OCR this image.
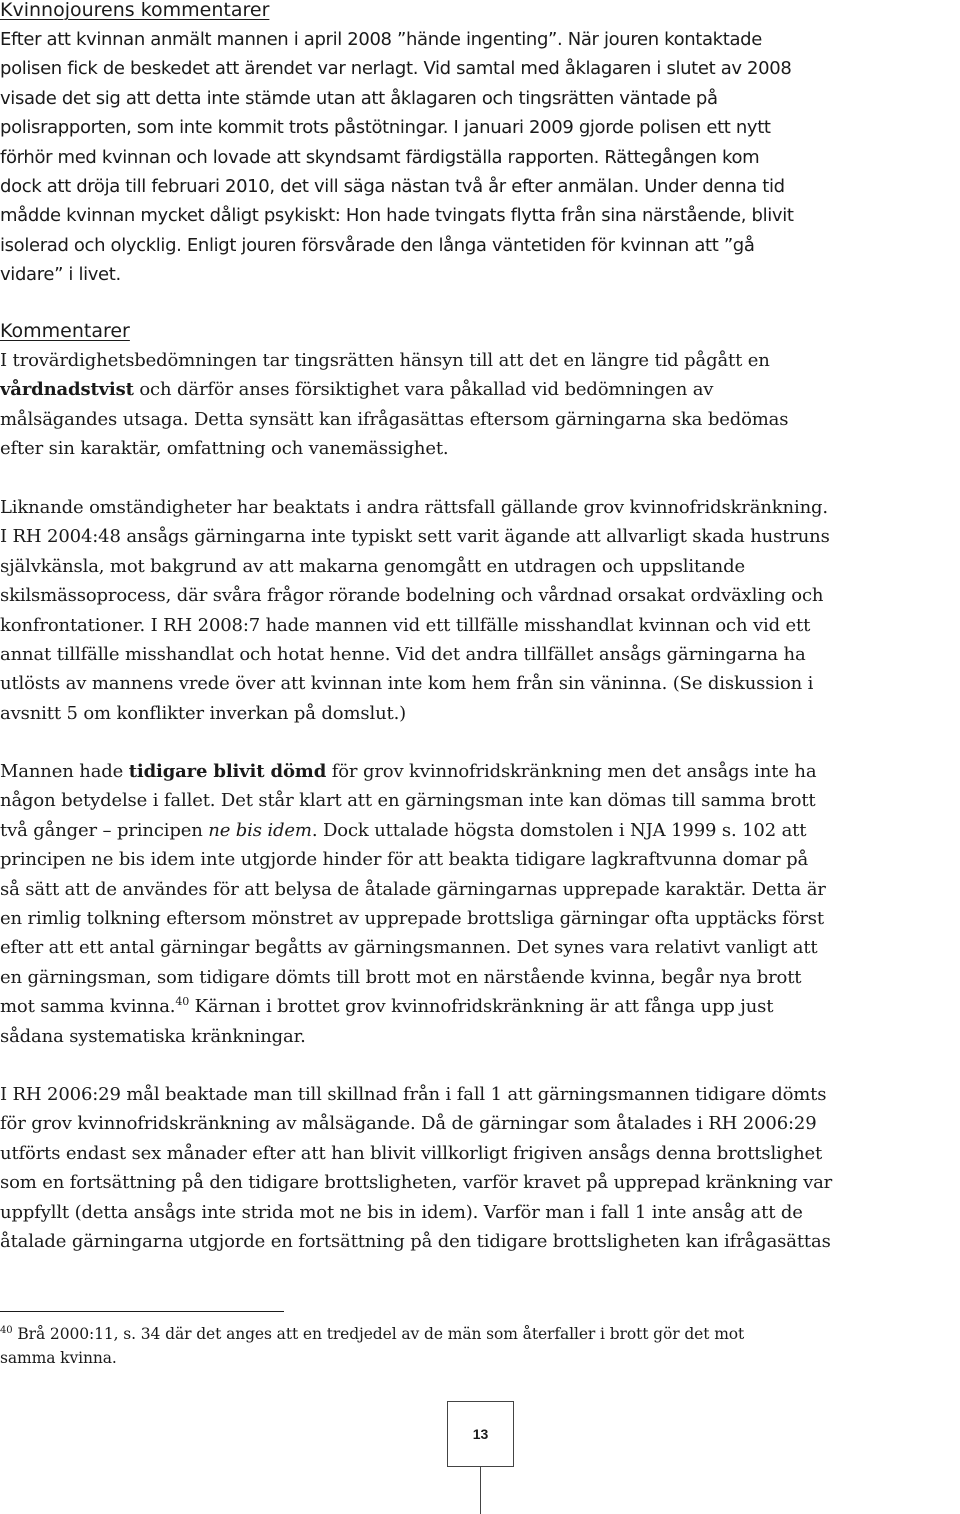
Kvinnojourens kommentarer

Efter att kvinnan anmält mannen i april 2008 ”hände ingenting”. När jouren kontaktade
polisen fick de beskedet att ärendet var nerlagt. Vid samtal med åklagaren i slutet av 2008
visade det sig att detta inte stämde utan att åklagaren och tingsrätten väntade på
polisrapporten, som inte kommit trots påstötningar. I januari 2009 gjorde polisen ett nytt
förhör med kvinnan och lovade att skyndsamt färdigställa rapporten. Rättegången kom
dock att dröja till februari 2010, det vill säga nästan två år efter anmälan. Under denna tid
mådde kvinnan mycket dåligt psykiskt: Hon hade tvingats flytta från sina närstående, blivit
isolerad och olycklig. Enligt jouren försvårade den långa väntetiden för kvinnan att ”gå
vidare” i livet.

Kommentarer

I trovärdighetsbedömningen tar tingsrätten hänsyn till att det en längre tid pågått en
vårdnadstvist och därför anses försiktighet vara påkallad vid bedömningen av
målsägandes utsaga. Detta synsätt kan ifrågasättas eftersom gärningarna ska bedömas
efter sin karaktär, omfattning och vanemässighet.

Liknande omständigheter har beaktats i andra rättsfall gällande grov kvinnofridskränkning.
I RH 2004:48 ansågs gärningarna inte typiskt sett varit ägande att allvarligt skada hustruns
självkänsla, mot bakgrund av att makarna genomgått en utdragen och uppslitande
skilsmässoprocess, där svåra frågor rörande bodelning och vårdnad orsakat ordväxling och
konfrontationer. I RH 2008:7 hade mannen vid ett tillfälle misshandlat kvinnan och vid ett
annat tillfälle misshandlat och hotat henne. Vid det andra tillfället ansågs gärningarna ha
utlösts av mannens vrede över att kvinnan inte kom hem från sin väninna. (Se diskussion i
avsnitt 5 om konflikter inverkan på domslut.)

Mannen hade tidigare blivit dömd för grov kvinnofridskränkning men det ansågs inte ha
någon betydelse i fallet. Det står klart att en gärningsman inte kan dömas till samma brott
två gånger – principen ne bis idem. Dock uttalade högsta domstolen i NJA 1999 s. 102 att
principen ne bis idem inte utgjorde hinder för att beakta tidigare lagkraftvunna domar på
så sätt att de användes för att belysa de åtalade gärningarnas upprepade karaktär. Detta är
en rimlig tolkning eftersom mönstret av upprepade brottsliga gärningar ofta upptäcks först
efter att ett antal gärningar begåtts av gärningsmannen. Det synes vara relativt vanligt att
en gärningsman, som tidigare dömts till brott mot en närstående kvinna, begår nya brott
mot samma kvinna.$^{40}$ Kärnan i brottet grov kvinnofridskränkning är att fånga upp just
sådana systematiska kränkningar.

I RH 2006:29 mål beaktade man till skillnad från i fall 1 att gärningsmannen tidigare dömts
för grov kvinnofridskränkning av målsägande. Då de gärningar som åtalades i RH 2006:29
utförts endast sex månader efter att han blivit villkorligt frigiven ansågs denna brottslighet
som en fortsättning på den tidigare brottsligheten, varför kravet på upprepad kränkning var
uppfyllt (detta ansågs inte strida mot ne bis in idem). Varför man i fall 1 inte ansåg att de
åtalade gärningarna utgjorde en fortsättning på den tidigare brottsligheten kan ifrågasättas

$^{40}$ Brå 2000:11, s. 34 där det anges att en tredjedel av de män som återfaller i brott gör det mot
samma kvinna.

13
